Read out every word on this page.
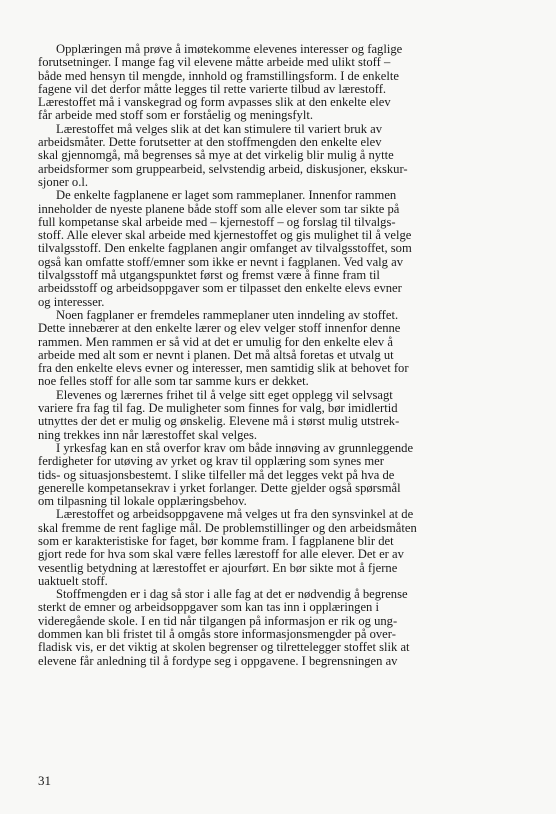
Opplæringen må prøve å imøtekomme elevenes interesser og faglige
forutsetninger. I mange fag vil elevene måtte arbeide med ulikt stoff –
både med hensyn til mengde, innhold og framstillingsform. I de enkelte
fagene vil det derfor måtte legges til rette varierte tilbud av lærestoff.
Lærestoffet må i vanskegrad og form avpasses slik at den enkelte elev
får arbeide med stoff som er forståelig og meningsfylt.

Lærestoffet må velges slik at det kan stimulere til variert bruk av
arbeidsmåter. Dette forutsetter at den stoffmengden den enkelte elev
skal gjennomgå, må begrenses så mye at det virkelig blir mulig å nytte
arbeidsformer som gruppearbeid, selvstendig arbeid, diskusjoner, ekskur-
sjoner o.l.

De enkelte fagplanene er laget som rammeplaner. Innenfor rammen
inneholder de nyeste planene både stoff som alle elever som tar sikte på
full kompetanse skal arbeide med – kjernestoff – og forslag til tilvalgs-
stoff. Alle elever skal arbeide med kjernestoffet og gis mulighet til å velge
tilvalgsstoff. Den enkelte fagplanen angir omfanget av tilvalgsstoffet, som
også kan omfatte stoff/emner som ikke er nevnt i fagplanen. Ved valg av
tilvalgsstoff må utgangspunktet først og fremst være å finne fram til
arbeidsstoff og arbeidsoppgaver som er tilpasset den enkelte elevs evner
og interesser.

Noen fagplaner er fremdeles rammeplaner uten inndeling av stoffet.
Dette innebærer at den enkelte lærer og elev velger stoff innenfor denne
rammen. Men rammen er så vid at det er umulig for den enkelte elev å
arbeide med alt som er nevnt i planen. Det må altså foretas et utvalg ut
fra den enkelte elevs evner og interesser, men samtidig slik at behovet for
noe felles stoff for alle som tar samme kurs er dekket.

Elevenes og lærernes frihet til å velge sitt eget opplegg vil selvsagt
variere fra fag til fag. De muligheter som finnes for valg, bør imidlertid
utnyttes der det er mulig og ønskelig. Elevene må i størst mulig utstrek-
ning trekkes inn når lærestoffet skal velges.

I yrkesfag kan en stå overfor krav om både innøving av grunnleggende
ferdigheter for utøving av yrket og krav til opplæring som synes mer
tids- og situasjonsbestemt. I slike tilfeller må det legges vekt på hva de
generelle kompetansekrav i yrket forlanger. Dette gjelder også spørsmål
om tilpasning til lokale opplæringsbehov.

Lærestoffet og arbeidsoppgavene må velges ut fra den synsvinkel at de
skal fremme de rent faglige mål. De problemstillinger og den arbeidsmåten
som er karakteristiske for faget, bør komme fram. I fagplanene blir det
gjort rede for hva som skal være felles lærestoff for alle elever. Det er av
vesentlig betydning at lærestoffet er ajourført. En bør sikte mot å fjerne
uaktuelt stoff.

Stoffmengden er i dag så stor i alle fag at det er nødvendig å begrense
sterkt de emner og arbeidsoppgaver som kan tas inn i opplæringen i
videregående skole. I en tid når tilgangen på informasjon er rik og ung-
dommen kan bli fristet til å omgås store informasjonsmengder på over-
fladisk vis, er det viktig at skolen begrenser og tilrettelegger stoffet slik at
elevene får anledning til å fordype seg i oppgavene. I begrensningen av

31
